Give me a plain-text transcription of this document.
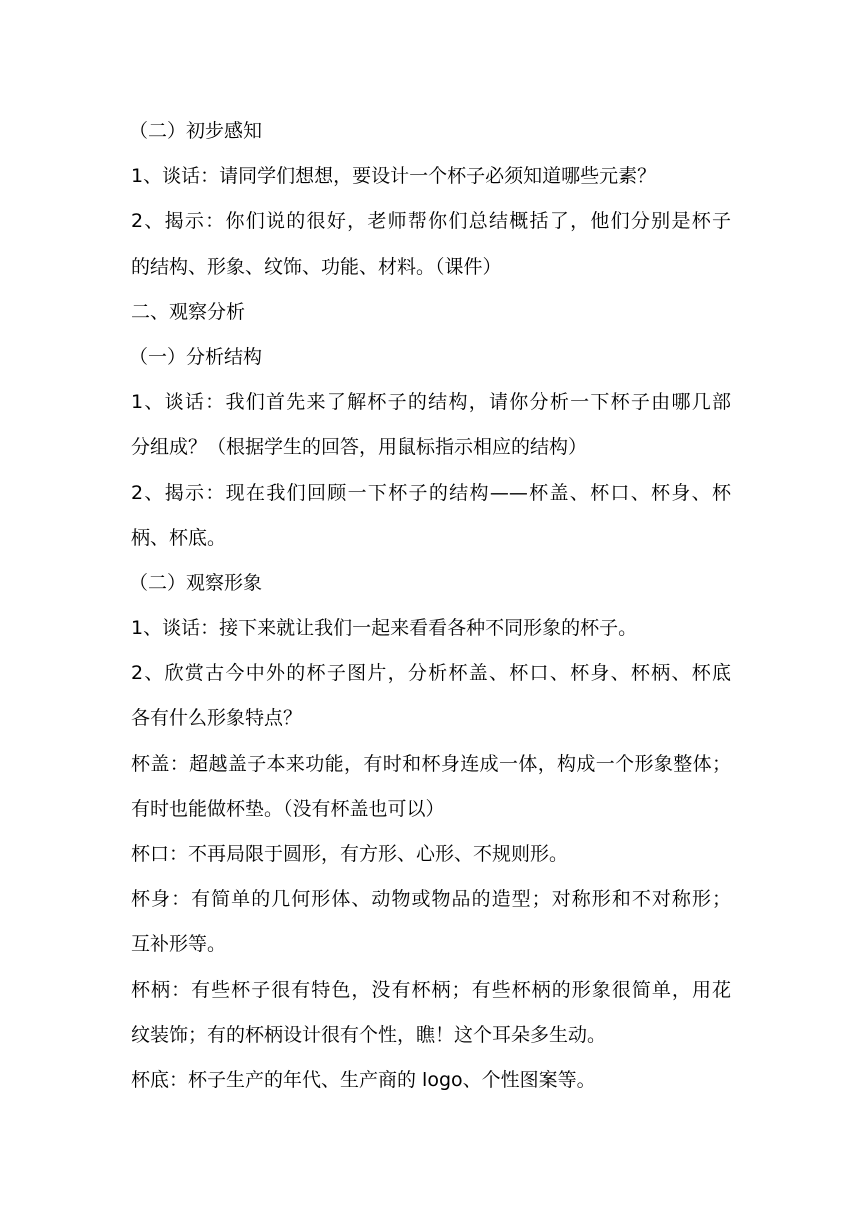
（二）初步感知
1、谈话：请同学们想想，要设计一个杯子必须知道哪些元素？
2、揭示：你们说的很好，老师帮你们总结概括了，他们分别是杯子
的结构、形象、纹饰、功能、材料。（课件）
二、观察分析
（一）分析结构
1、谈话：我们首先来了解杯子的结构，请你分析一下杯子由哪几部
分组成？（根据学生的回答，用鼠标指示相应的结构）
2、揭示：现在我们回顾一下杯子的结构——杯盖、杯口、杯身、杯
柄、杯底。
（二）观察形象
1、谈话：接下来就让我们一起来看看各种不同形象的杯子。
2、欣赏古今中外的杯子图片，分析杯盖、杯口、杯身、杯柄、杯底
各有什么形象特点？
杯盖：超越盖子本来功能，有时和杯身连成一体，构成一个形象整体；
有时也能做杯垫。（没有杯盖也可以）
杯口：不再局限于圆形，有方形、心形、不规则形。
杯身：有简单的几何形体、动物或物品的造型；对称形和不对称形；
互补形等。
杯柄：有些杯子很有特色，没有杯柄；有些杯柄的形象很简单，用花
纹装饰；有的杯柄设计很有个性，瞧！这个耳朵多生动。
杯底：杯子生产的年代、生产商的 logo、个性图案等。
